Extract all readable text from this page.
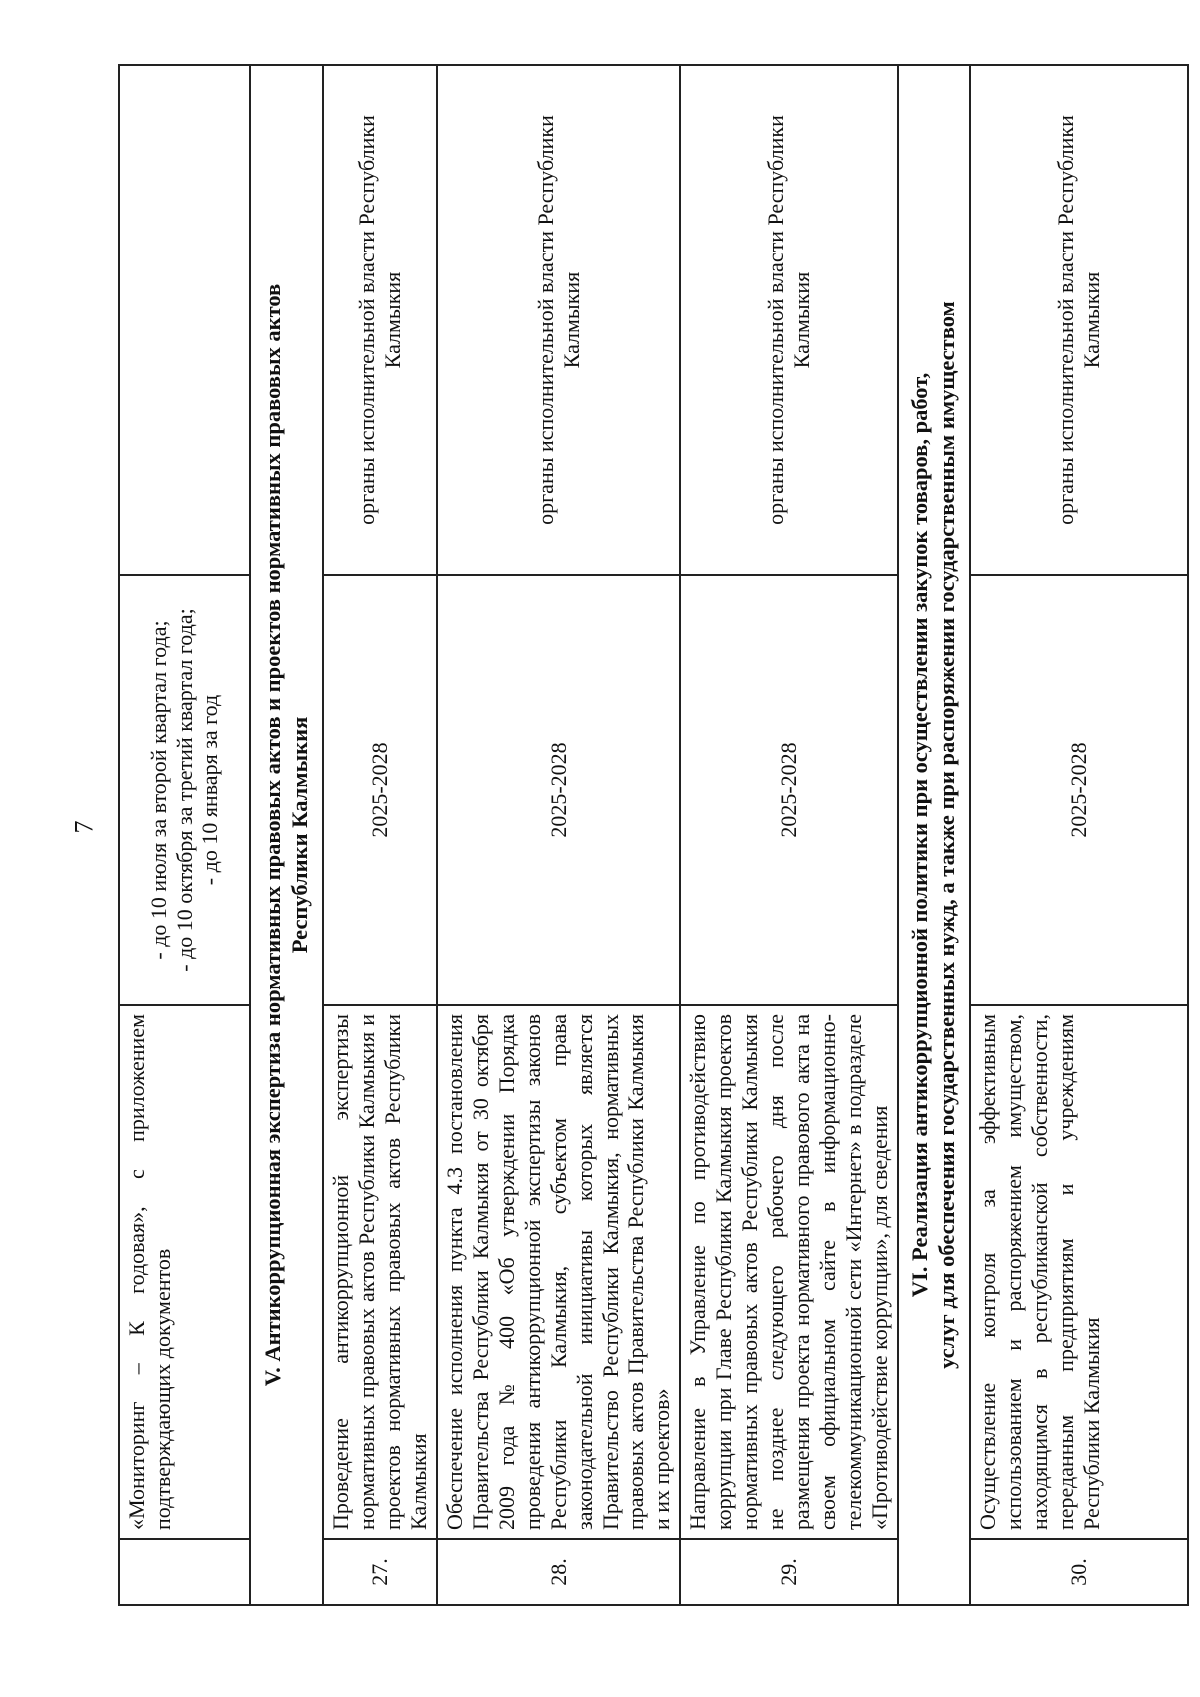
7
	«Мониторинг – К годовая», с приложением подтверждающих документов	- до 10 июля за второй квартал года; - до 10 октября за третий квартал года; - до 10 января за год	

V. Антикоррупционная экспертиза нормативных правовых актов и проектов нормативных правовых актов Республики Калмыкия			

27.	Проведение антикоррупционной экспертизы нормативных правовых актов Республики Калмыкия и проектов нормативных правовых актов Республики Калмыкия	2025-2028	органы исполнительной власти Республики Калмыкия
28.	Обеспечение исполнения пункта 4.3 постановления Правительства Республики Калмыкия от 30 октября 2009 года № 400 «Об утверждении Порядка проведения антикоррупционной экспертизы законов Республики Калмыкия, субъектом права законодательной инициативы которых является Правительство Республики Калмыкия, нормативных правовых актов Правительства Республики Калмыкия и их проектов»	2025-2028	органы исполнительной власти Республики Калмыкия
29.	Направление в Управление по противодействию коррупции при Главе Республики Калмыкия проектов нормативных правовых актов Республики Калмыкия не позднее следующего рабочего дня после размещения проекта нормативного правового акта на своем официальном сайте в информационно-телекоммуникационной сети «Интернет» в подразделе «Противодействие коррупции», для сведения	2025-2028	органы исполнительной власти Республики Калмыкия

VI. Реализация антикоррупционной политики при осуществлении закупок товаров, работ, услуг для обеспечения государственных нужд, а также при распоряжении государственным имуществом			

30.	Осуществление контроля за эффективным использованием и распоряжением имуществом, находящимся в республиканской собственности, переданным предприятиям и учреждениям Республики Калмыкия	2025-2028	органы исполнительной власти Республики Калмыкия
